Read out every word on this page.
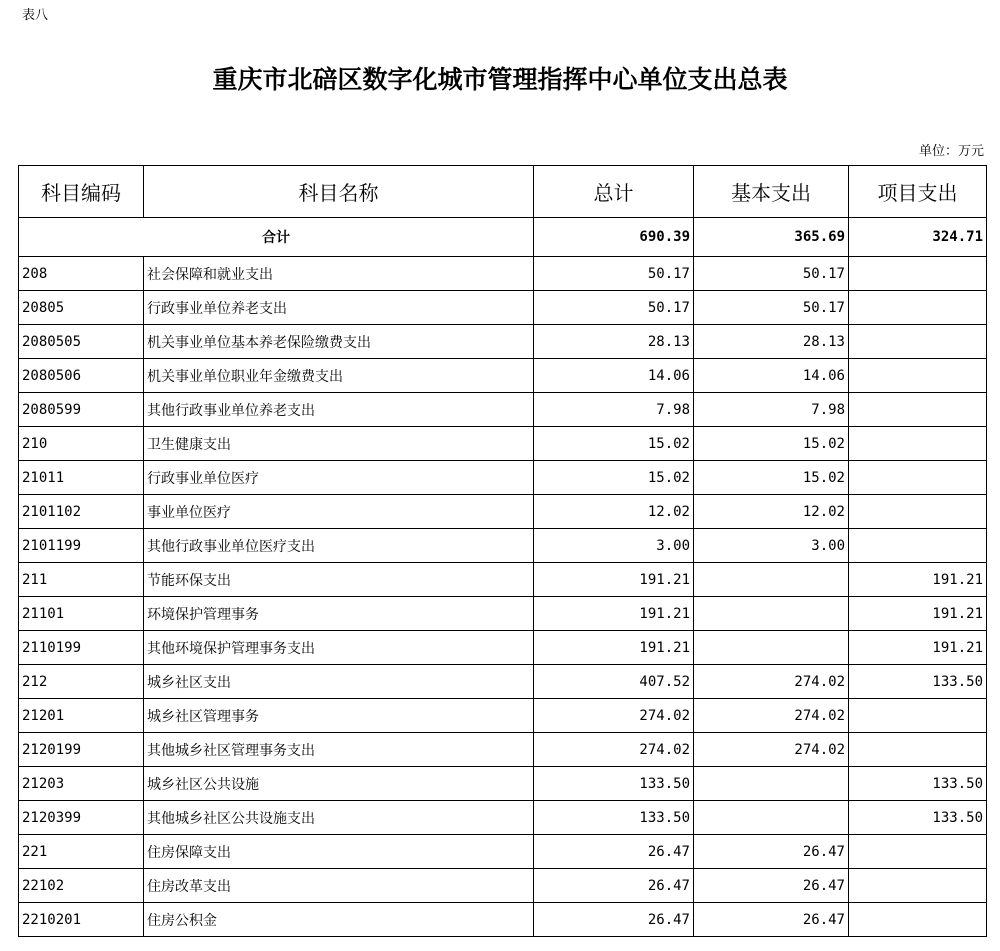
表八
重庆市北碚区数字化城市管理指挥中心单位支出总表
单位：万元
科目编码	科目名称	总计	基本支出	项目支出
合计		690.39	365.69	324.71
208	社会保障和就业支出	50.17	50.17	
20805	行政事业单位养老支出	50.17	50.17	
2080505	机关事业单位基本养老保险缴费支出	28.13	28.13	
2080506	机关事业单位职业年金缴费支出	14.06	14.06	
2080599	其他行政事业单位养老支出	7.98	7.98	
210	卫生健康支出	15.02	15.02	
21011	行政事业单位医疗	15.02	15.02	
2101102	事业单位医疗	12.02	12.02	
2101199	其他行政事业单位医疗支出	3.00	3.00	
211	节能环保支出	191.21		191.21
21101	环境保护管理事务	191.21		191.21
2110199	其他环境保护管理事务支出	191.21		191.21
212	城乡社区支出	407.52	274.02	133.50
21201	城乡社区管理事务	274.02	274.02	
2120199	其他城乡社区管理事务支出	274.02	274.02	
21203	城乡社区公共设施	133.50		133.50
2120399	其他城乡社区公共设施支出	133.50		133.50
221	住房保障支出	26.47	26.47	
22102	住房改革支出	26.47	26.47	
2210201	住房公积金	26.47	26.47	
